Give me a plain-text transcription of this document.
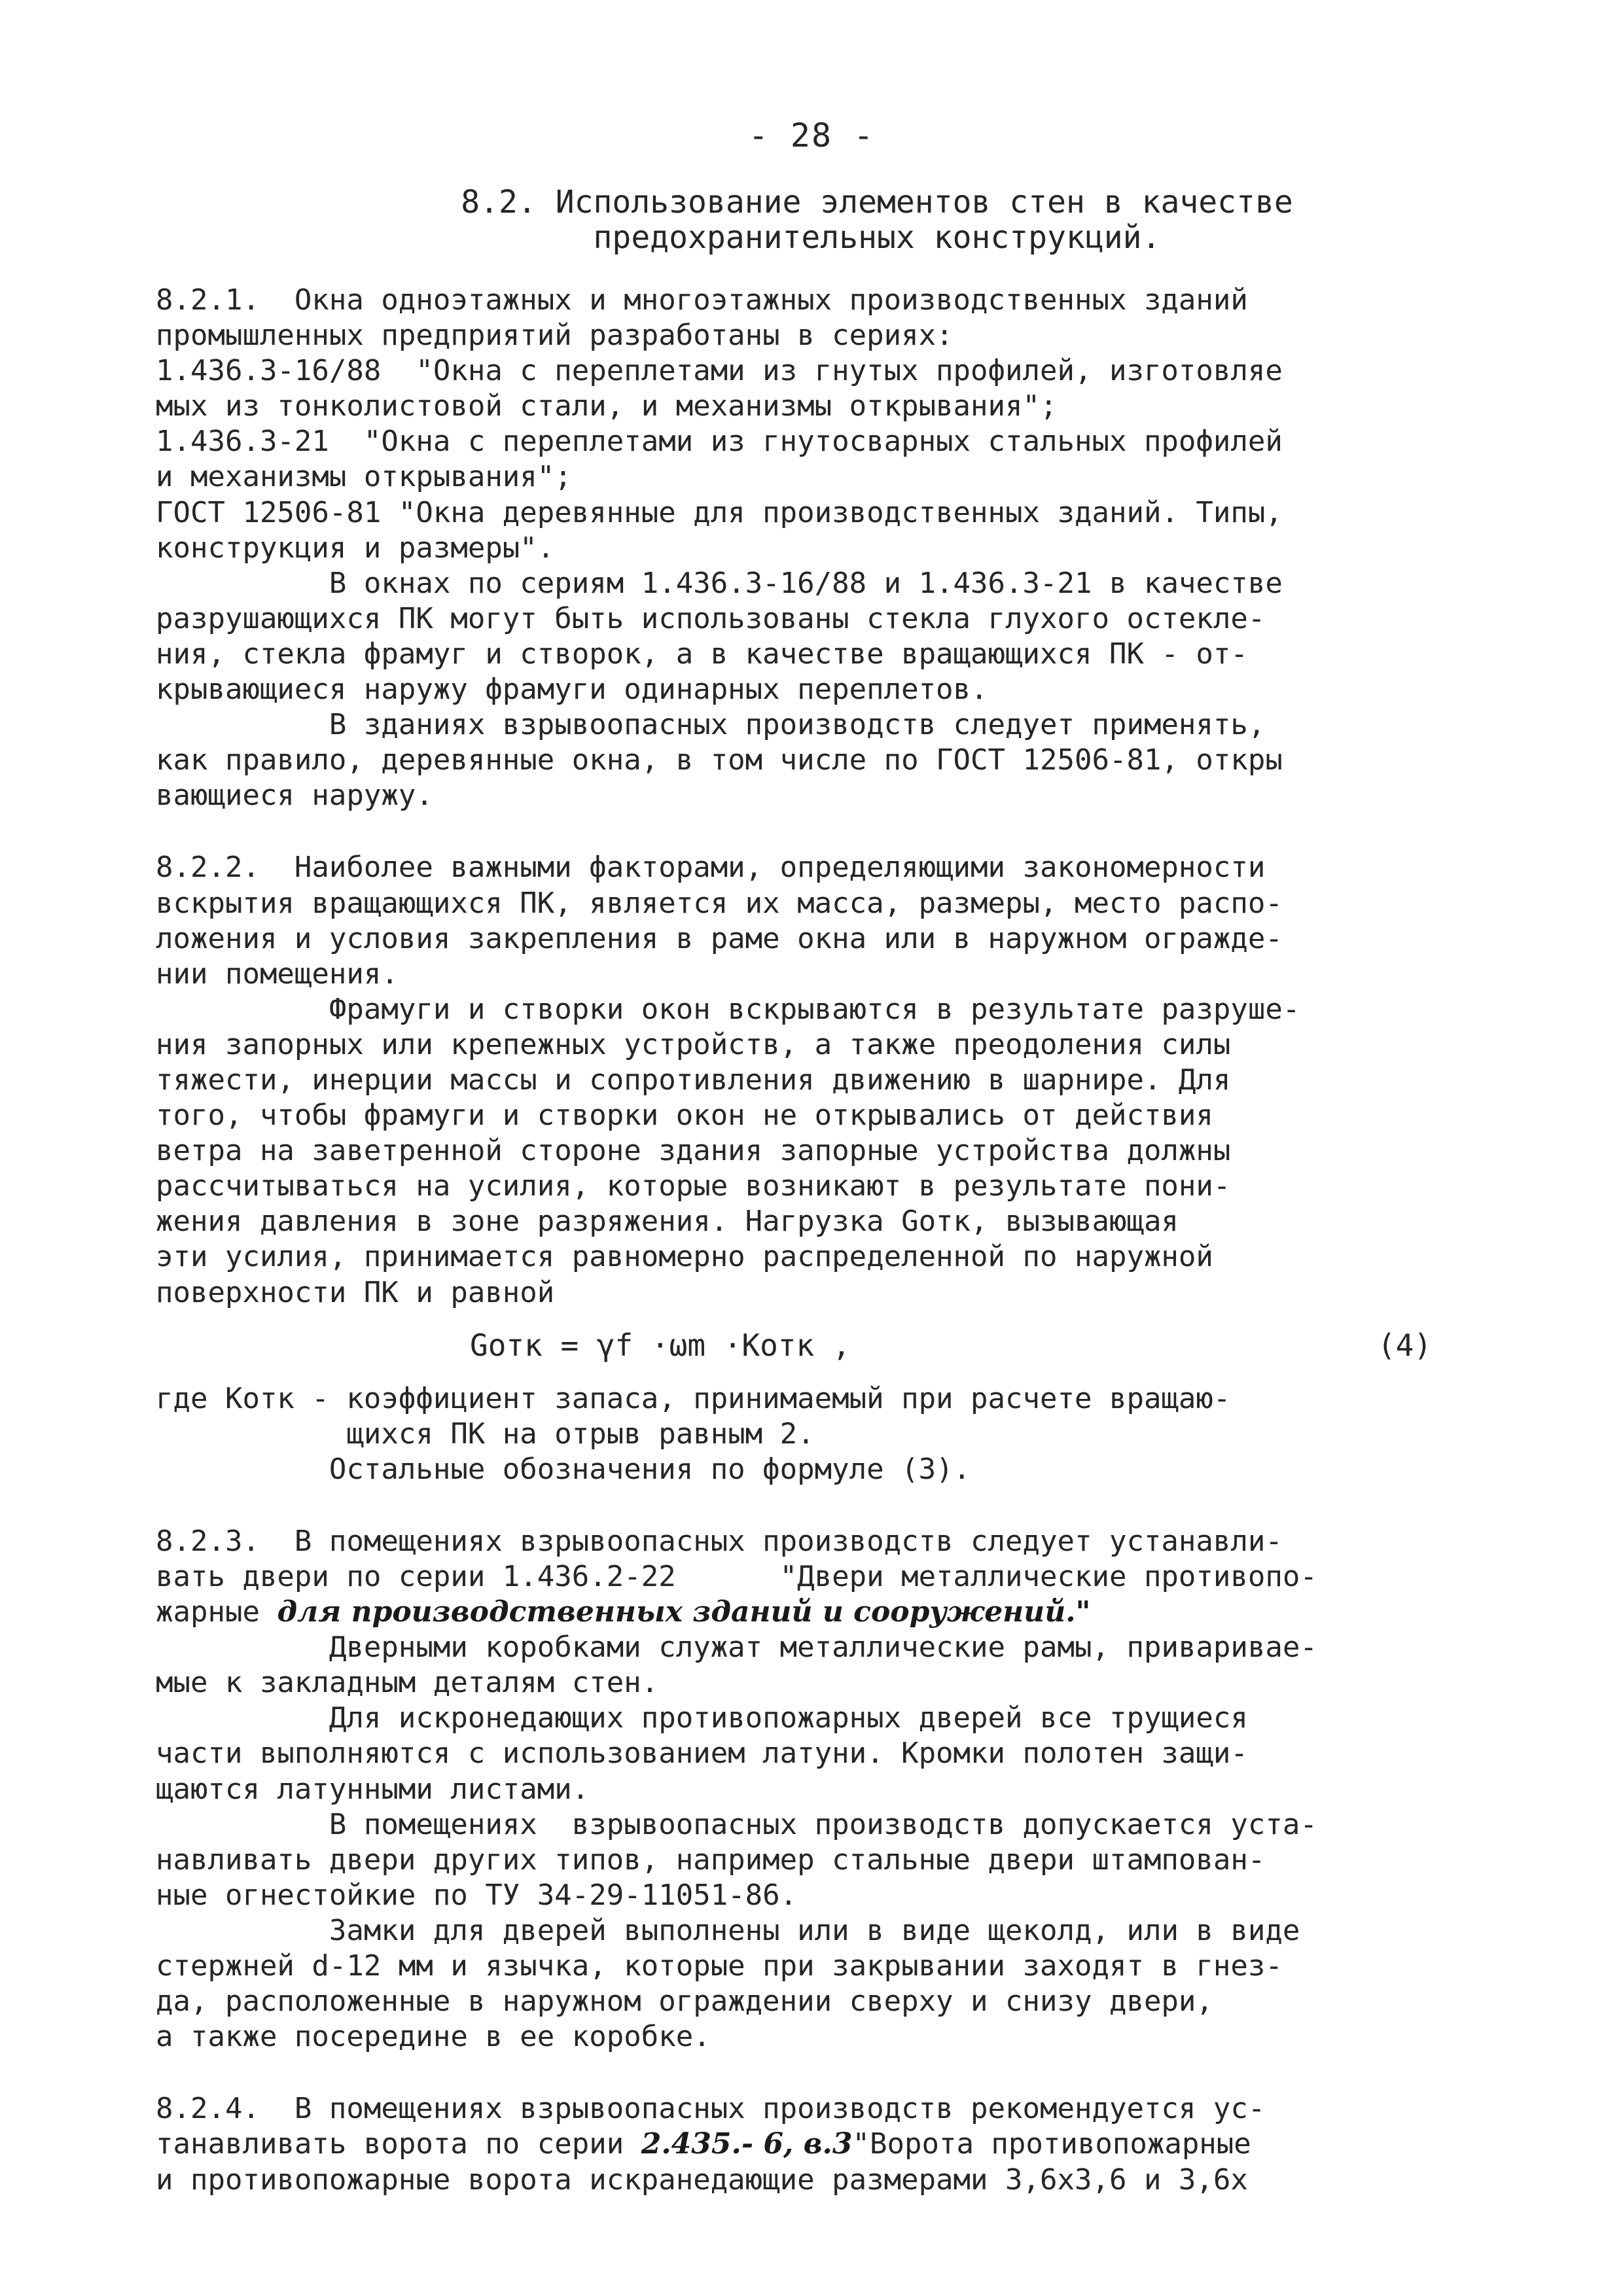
- 28 -
8.2. Использование элементов стен в качестве
предохранительных конструкций.

8.2.1.  Окна одноэтажных и многоэтажных производственных зданий
промышленных предприятий разработаны в сериях:
1.436.3-16/88  "Окна с переплетами из гнутых профилей, изготовляе
мых из тонколистовой стали, и механизмы открывания";
1.436.3-21  "Окна с переплетами из гнутосварных стальных профилей
и механизмы открывания";
ГОСТ 12506-81 "Окна деревянные для производственных зданий. Типы,
конструкция и размеры".

В окнах по сериям 1.436.3-16/88 и 1.436.3-21 в качестве
разрушающихся ПК могут быть использованы стекла глухого остекле-
ния, стекла фрамуг и створок, а в качестве вращающихся ПК - от-
крывающиеся наружу фрамуги одинарных переплетов.

В зданиях взрывоопасных производств следует применять,
как правило, деревянные окна, в том числе по ГОСТ 12506-81, откры
вающиеся наружу.

8.2.2.  Наиболее важными факторами, определяющими закономерности
вскрытия вращающихся ПК, является их масса, размеры, место распо-
ложения и условия закрепления в раме окна или в наружном огражде-
нии помещения.

Фрамуги и створки окон вскрываются в результате разруше-
ния запорных или крепежных устройств, а также преодоления силы
тяжести, инерции массы и сопротивления движению в шарнире. Для
того, чтобы фрамуги и створки окон не открывались от действия
ветра на заветренной стороне здания запорные устройства должны
рассчитываться на усилия, которые возникают в результате пони-
жения давления в зоне разряжения. Нагрузка Gотк, вызывающая
эти усилия, принимается равномерно распределенной по наружной
поверхности ПК и равной

Gотк = γf ·ωm ·Kотк ,	(4)

где Котк - коэффициент запаса, принимаемый при расчете вращаю-
щихся ПК на отрыв равным 2.
Остальные обозначения по формуле (3).

8.2.3.  В помещениях взрывоопасных производств следует устанавли-
вать двери по серии 1.436.2-22      "Двери металлические противопо-
жарные для производственных зданий и сооружений."

Дверными коробками служат металлические рамы, привариваe-
мые к закладным деталям стен.

Для искронедающих противопожарных дверей все трущиеся
части выполняются с использованием латуни. Кромки полотен защи-
щаются латунными листами.

В помещениях  взрывоопасных производств допускается уста-
навливать двери других типов, например стальные двери штампован-
ные огнестойкие по ТУ 34-29-11051-86.

Замки для дверей выполнены или в виде щеколд, или в виде
стержней d-12 мм и язычка, которые при закрывании заходят в гнез-
да, расположенные в наружном ограждении сверху и снизу двери,
а также посередине в ее коробке.

8.2.4.  В помещениях взрывоопасных производств рекомендуется ус-
танавливать ворота по серии 2.435.- 6, в.3"Ворота противопожарные
и противопожарные ворота искранедающие размерами 3,6x3,6 и 3,6x
